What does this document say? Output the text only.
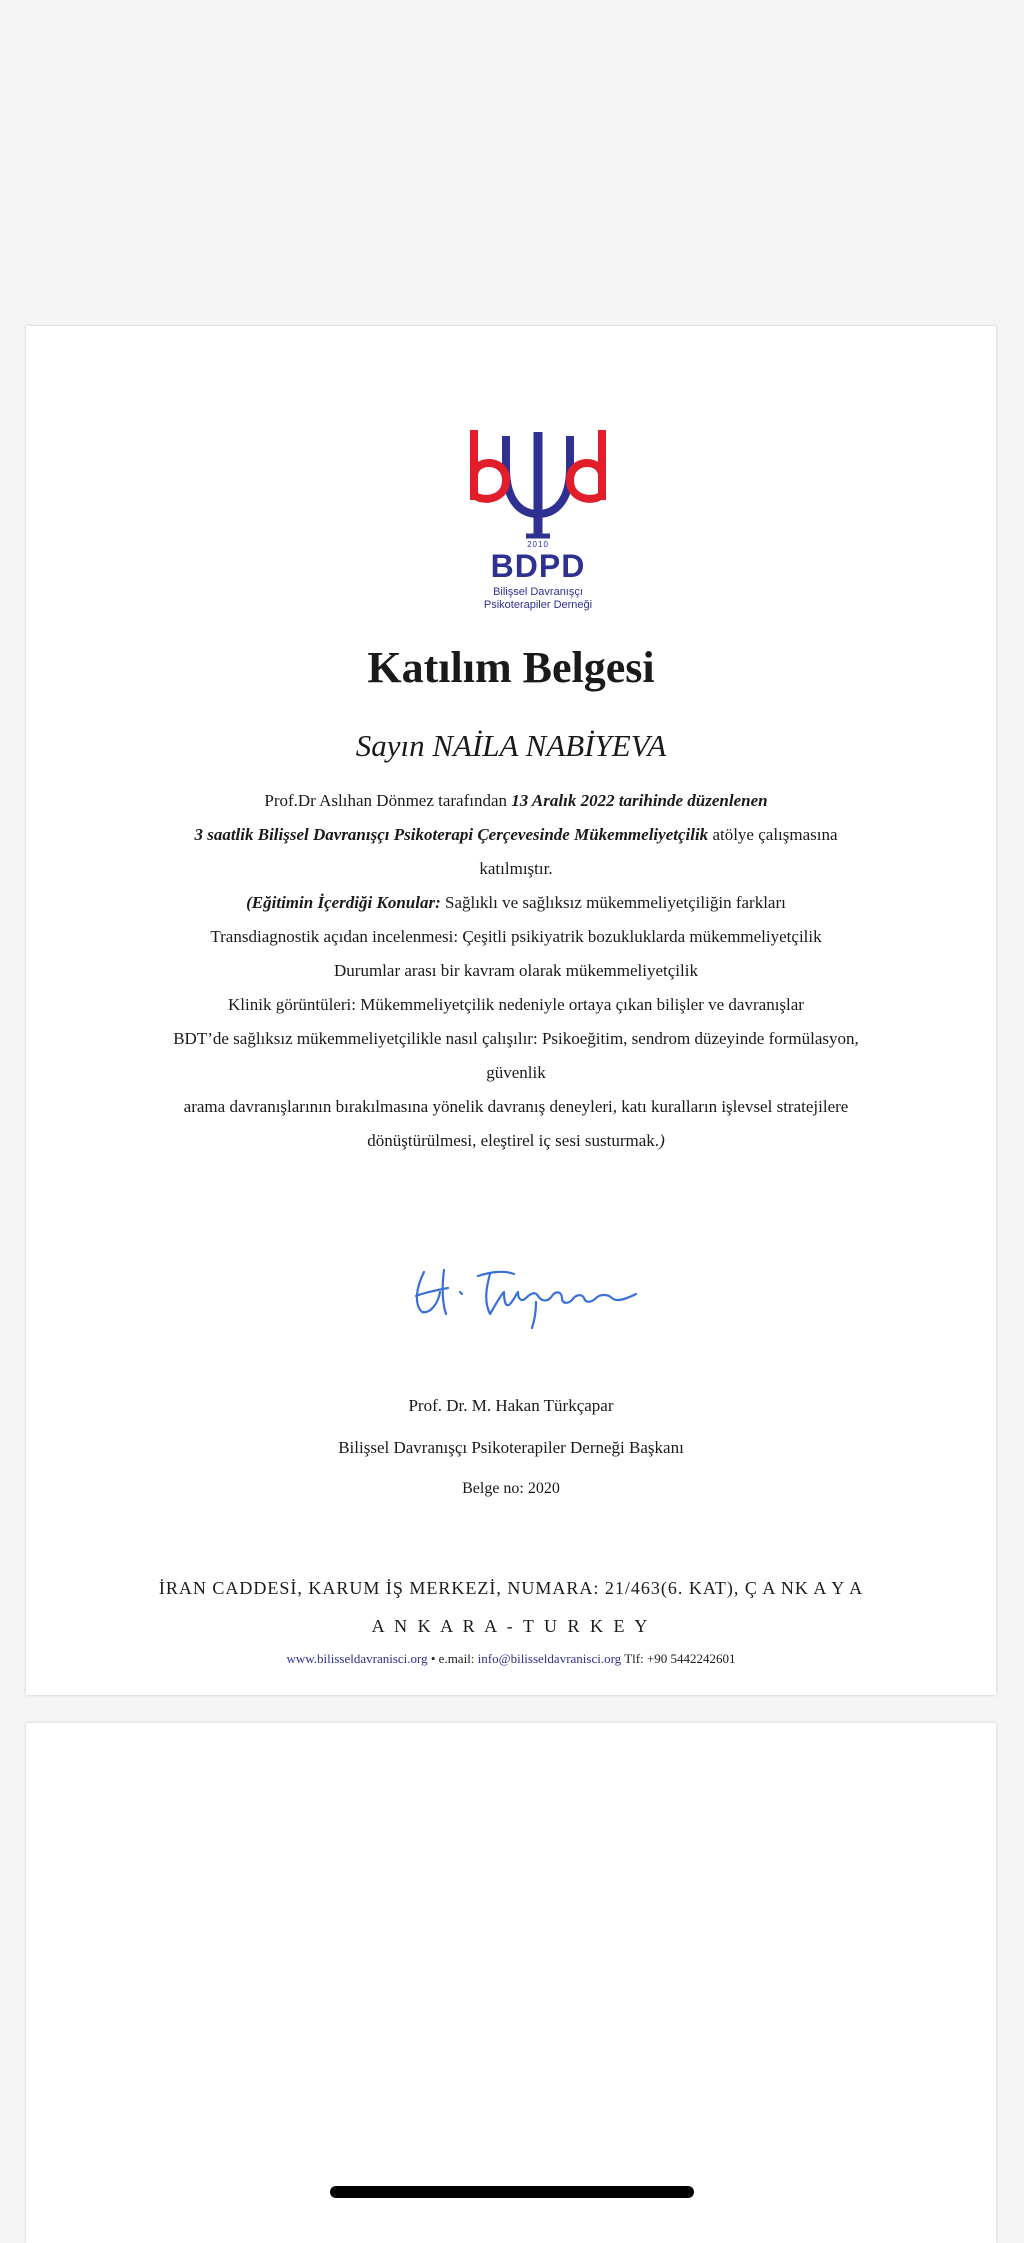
2010
BDPD
Bilişsel Davranışçı
Psikoterapiler Derneği
Katılım Belgesi
Sayın NAİLA NABİYEVA

Prof.Dr Aslıhan Dönmez tarafından 13 Aralık 2022 tarihinde düzenlenen
3 saatlik Bilişsel Davranışçı Psikoterapi Çerçevesinde Mükemmeliyetçilik atölye çalışmasına katılmıştır.

(Eğitimin İçerdiği Konular: Sağlıklı ve sağlıksız mükemmeliyetçiliğin farkları
Transdiagnostik açıdan incelenmesi: Çeşitli psikiyatrik bozukluklarda mükemmeliyetçilik
Durumlar arası bir kavram olarak mükemmeliyetçilik
Klinik görüntüleri: Mükemmeliyetçilik nedeniyle ortaya çıkan bilişler ve davranışlar
BDT’de sağlıksız mükemmeliyetçilikle nasıl çalışılır: Psikoeğitim, sendrom düzeyinde formülasyon, güvenlik
arama davranışlarının bırakılmasına yönelik davranış deneyleri, katı kuralların işlevsel stratejilere
dönüştürülmesi, eleştirel iç sesi susturmak.)

Prof. Dr. M. Hakan Türkçapar
Bilişsel Davranışçı Psikoterapiler Derneği Başkanı
Belge no: 2020
İRAN CADDESİ, KARUM İŞ MERKEZİ, NUMARA: 21/463(6. KAT), Ç A NK A Y A
A N K A R A - T U R K E Y
www.bilisseldavranisci.org • e.mail: info@bilisseldavranisci.org Tlf: +90 5442242601
